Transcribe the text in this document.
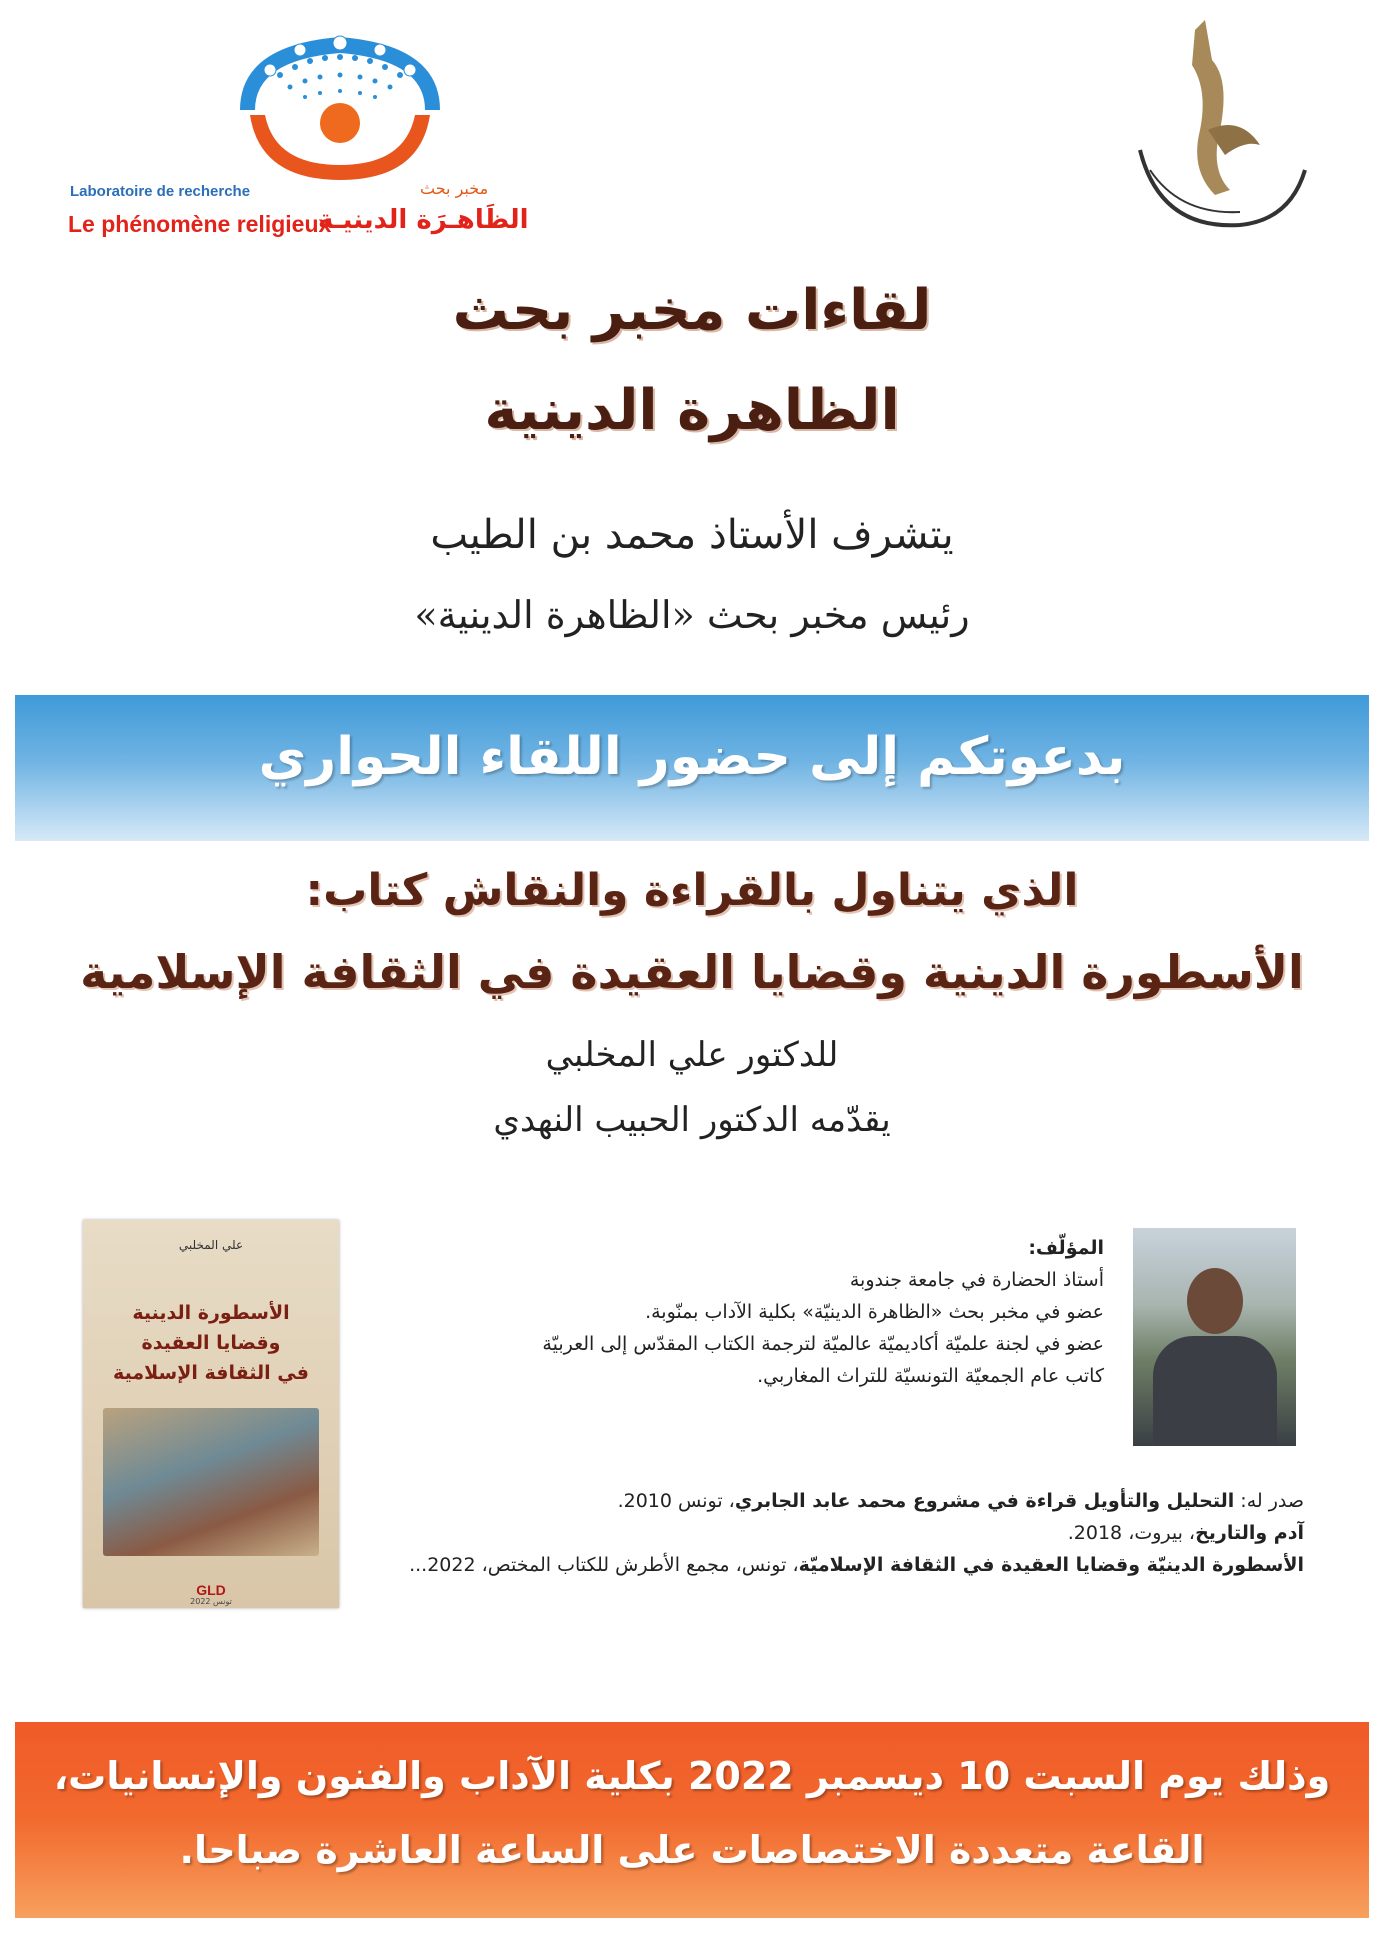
Laboratoire de recherche	مخبر بحث
Le phénomène religieux
الظَاهـرَة الدينيـة
لقاءات مخبر بحث
الظاهرة الدينية
يتشرف الأستاذ محمد بن الطيب
رئيس مخبر بحث «الظاهرة الدينية»
بدعوتكم إلى حضور اللقاء الحواري
الذي يتناول بالقراءة والنقاش كتاب:
الأسطورة الدينية وقضايا العقيدة في الثقافة الإسلامية
للدكتور علي المخلبي
يقدّمه الدكتور الحبيب النهدي
علي المخلبي
الأسطورة الدينية
وقضايا العقيدة
في الثقافة الإسلامية
GLD
تونس 2022
المؤلّف:
أستاذ الحضارة في جامعة جندوبة
عضو في مخبر بحث «الظاهرة الدينيّة» بكلية الآداب بمنّوبة.
عضو في لجنة علميّة أكاديميّة عالميّة لترجمة الكتاب المقدّس إلى العربيّة
كاتب عام الجمعيّة التونسيّة للتراث المغاربي.
صدر له: التحليل والتأويل قراءة في مشروع محمد عابد الجابري، تونس 2010.
آدم والتاريخ، بيروت، 2018.
الأسطورة الدينيّة وقضايا العقيدة في الثقافة الإسلاميّة، تونس، مجمع الأطرش للكتاب المختص، 2022...
وذلك يوم السبت 10 ديسمبر 2022 بكلية الآداب والفنون والإنسانيات،
القاعة متعددة الاختصاصات على الساعة العاشرة صباحا.
